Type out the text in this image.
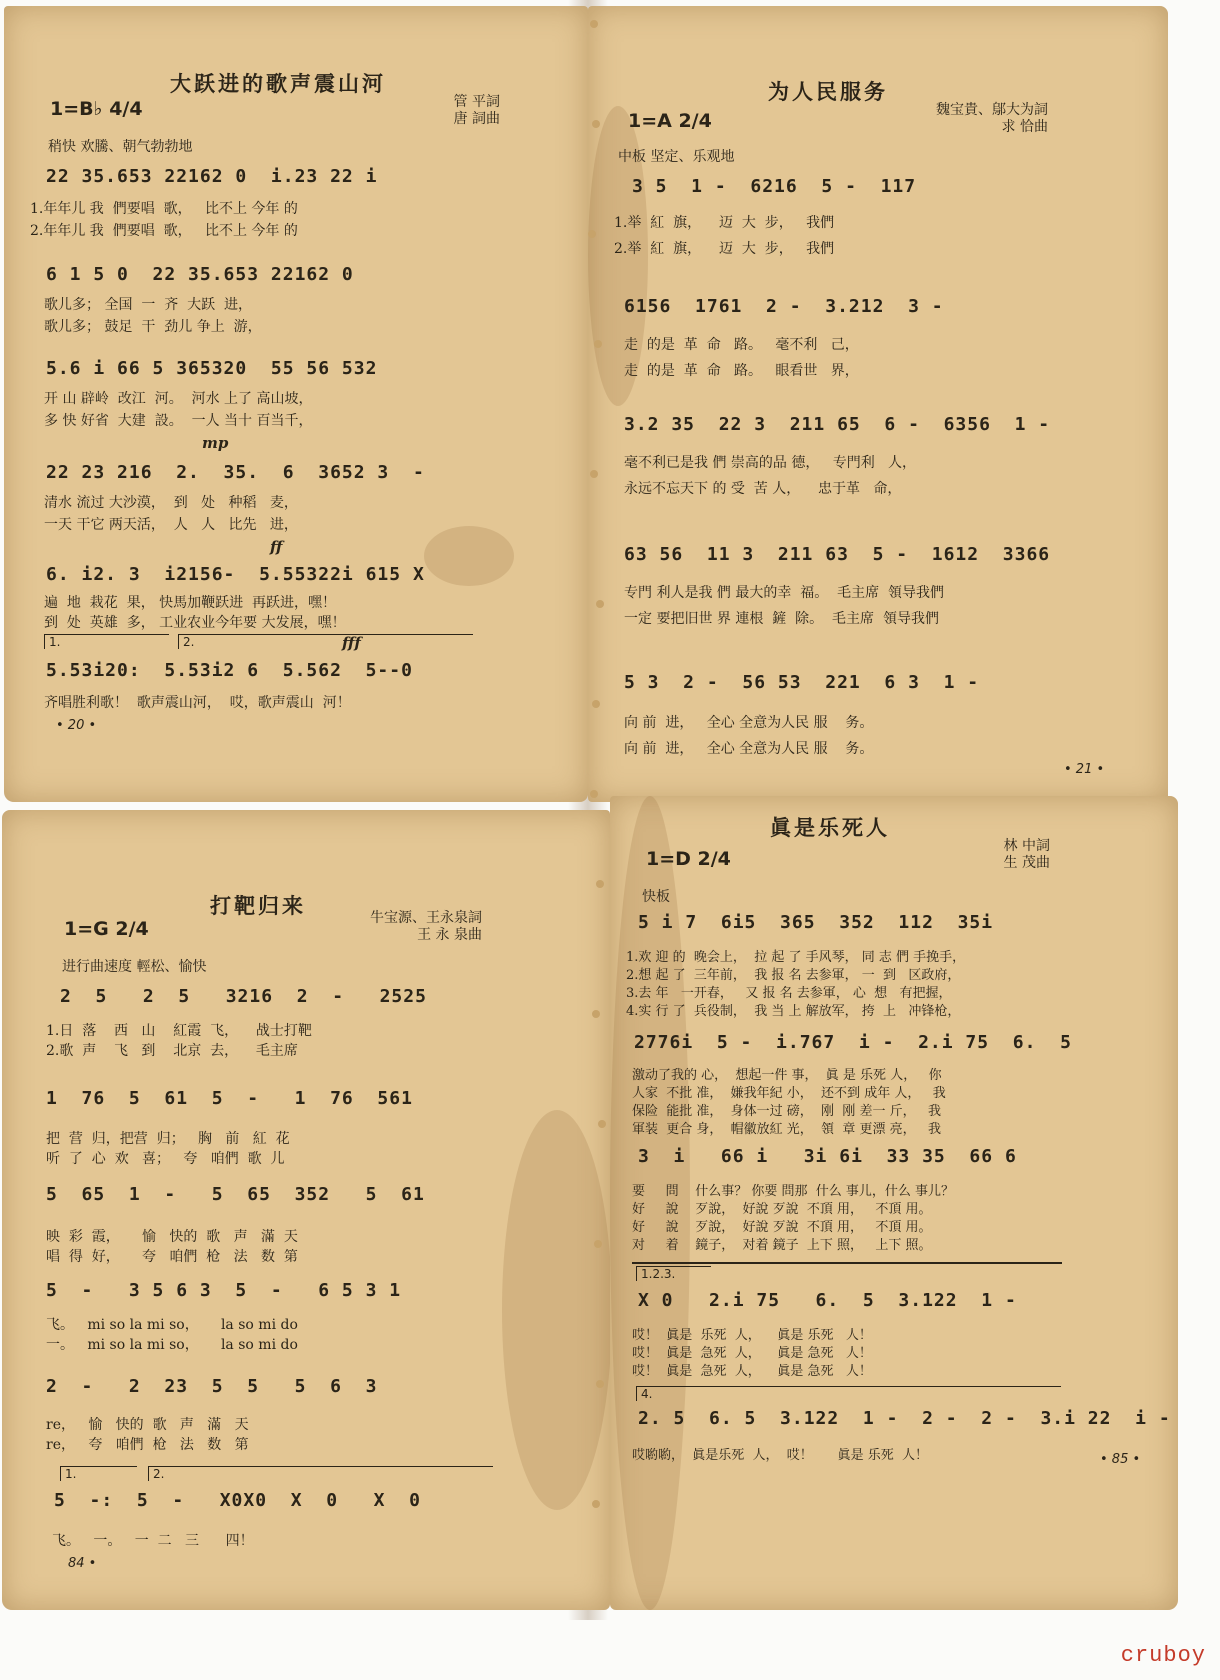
大跃进的歌声震山河
1=B♭ 4/4	管 平詞
唐 詞曲
稍快 欢騰、朝气勃勃地
22 35.653 22162 0  i.23 22 i
1.年年儿 我  們要唱  歌，   比不上 今年 的
2.年年儿 我  們要唱  歌，   比不上 今年 的
6 1 5 0  22 35.653 22162 0
歌儿多； 全国  一  齐  大跃  进，
歌儿多； 鼓足  干  劲儿 争上  游，
5.6 i 66 5 365320  55 56 532
开 山 辟岭  改江  河。  河水 上了 高山坡，
多 快 好省  大建  設。  一人 当十 百当千，
mp
22 23 216  2.  35.  6  3652 3  -
清水 流过 大沙漠，  到   处   种稻   麦，
一天 干它 两天活，  人   人   比先   进，
ff
6. i2. 3  i2156-  5.55322i 615 X
遍  地  栽花  果， 快馬加鞭跃进  再跃进，嘿！
到  处  英雄  多， 工业农业今年要 大发展，嘿！
1.	2.	fff
5.53i20:  5.53i2 6  5.562  5--0
齐唱胜利歌！  歌声震山河，  哎，歌声震山  河！
• 20 •
为人民服务
1=A 2/4	魏宝貴、鄔大为詞
求 恰曲
中板 坚定、乐观地
3 5  1 -  6216  5 -  117
1.举  紅  旗，    迈  大  步，   我們
2.举  紅  旗，    迈  大  步，   我們
6156  1761  2 -  3.212  3 -
走  的是  革  命   路。   毫不利   己，
走  的是  革  命   路。   眼看世   界，
3.2 35  22 3  211 65  6 -  6356  1 -
毫不利已是我 們 崇高的品 德，   专門利   人，
永远不忘天下 的 受  苦 人，    忠于革   命，
63 56  11 3  211 63  5 -  1612  3366
专門 利人是我 們 最大的幸  福。  毛主席  領导我們
一定 要把旧世 界 連根  鏟  除。  毛主席  領导我們
5 3  2 -  56 53  221  6 3  1 -
向 前  进，   全心 全意为人民 服    务。
向 前  进，   全心 全意为人民 服    务。
• 21 •
打靶归来
1=G 2/4	牛宝源、王永泉詞
王 永 泉曲
进行曲速度 輕松、愉快
2  5   2  5   3216  2  -   2525
1.日  落    西   山    紅霞  飞，    战士打靶
2.歌  声    飞   到    北京  去，    毛主席
1  76  5  61  5  -   1  76  561
把  营  归，把营  归；   胸   前   紅  花
听  了  心  欢   喜；   夸   咱們  歌  儿
5  65  1  -   5  65  352   5  61
映  彩  霞，     愉   快的  歌   声   滿  天
唱  得  好，     夸   咱們  枪   法   数  第
5  -   3 5 6 3  5  -   6 5 3 1
飞。   mi so la mi so，     la so mi do
一。   mi so la mi so，     la so mi do
2  -   2  23  5  5   5  6  3
re，   愉   快的  歌   声   滿   天
re，   夸   咱們  枪   法   数   第
1.	2.
5  -:  5  -   X0X0  X  0   X  0
飞。   一。   一  二   三      四！
84 •
眞是乐死人
1=D 2/4
林 中詞
生 茂曲
快板
5 i 7  6i5  365  352  112  35i
1.欢 迎 的  晚会上，  拉 起 了 手风琴， 同 志 們 手挽手，
2.想 起 了  三年前，  我 报 名 去参軍， 一  到   区政府，
3.去 年   一开春，   又 报 名 去参軍， 心  想   有把握，
4.实 行 了  兵役制，  我 当 上 解放军， 挎  上   冲锋枪，
2776i  5 -  i.767  i -  2.i 75  6.  5
激动了我的 心，  想起一件 事，  眞 是 乐死 人，   你
人家  不批 准，  嫌我年紀 小，  还不到 成年 人，   我
保险  能批 准，  身体一过 磅，  刚  刚 差一 斤，   我
軍装  更合 身，  帽徽放紅 光，  領  章 更漂 亮，   我
3  i   66 i   3i 6i  33 35  66 6
要     問    什么事？ 你要 問那  什么 事儿，什么 事儿？
好     說    歹說，  好說 歹說  不頂 用，   不頂 用。
好     說    歹說，  好說 歹說  不頂 用，   不頂 用。
对     着    鏡子，  对着 鏡子  上下 照，   上下 照。
1.2.3.
X 0   2.i 75   6.  5  3.122  1 -
哎！  眞是  乐死  人，    眞是 乐死   人！
哎！  眞是  急死  人，    眞是 急死   人！
哎！  眞是  急死  人，    眞是 急死   人！
4.
2. 5  6. 5  3.122  1 -  2 -  2 -  3.i 22  i -
哎喲喲，  眞是乐死  人，  哎！      眞是 乐死  人！	• 85 •
cruboy
